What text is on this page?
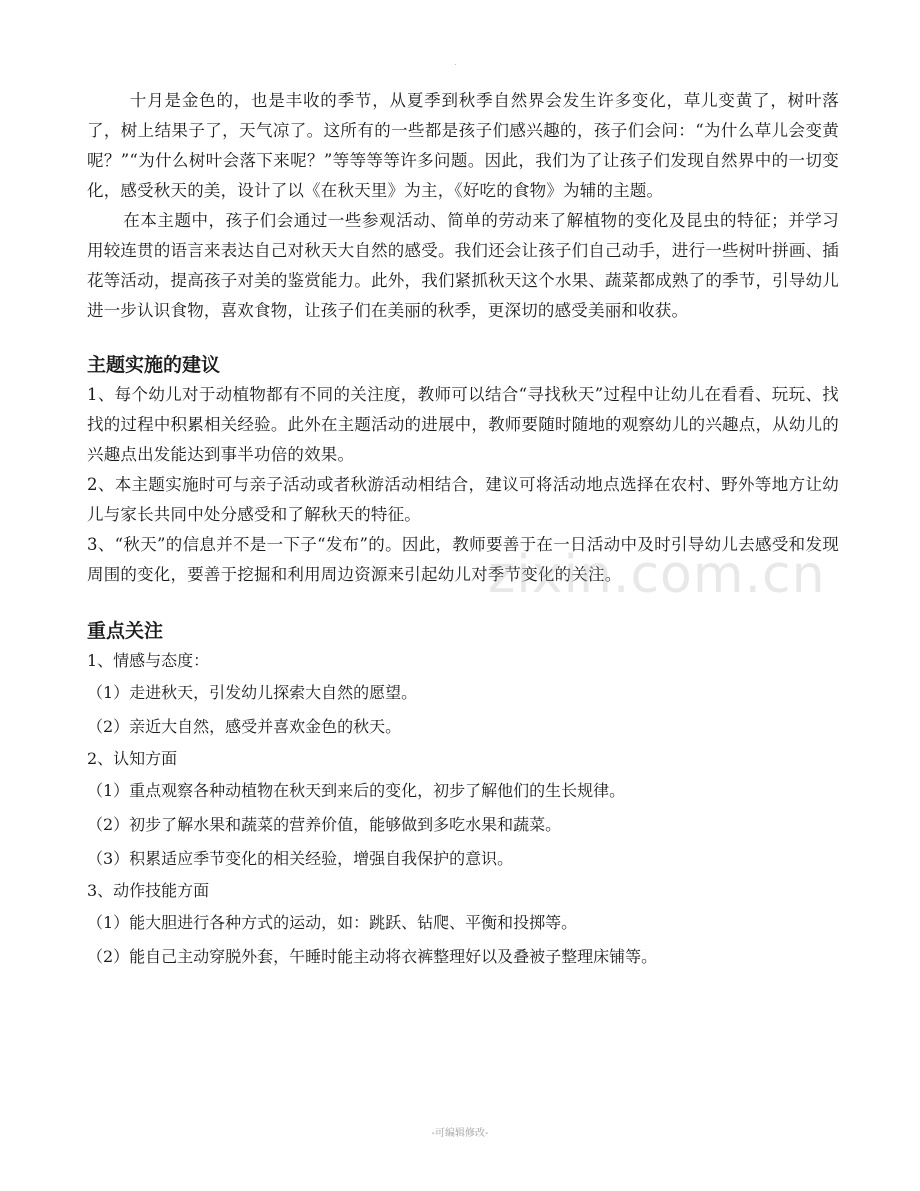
.

十月是金色的，也是丰收的季节，从夏季到秋季自然界会发生许多变化，草儿变黄了，树叶落了，树上结果子了，天气凉了。这所有的一些都是孩子们感兴趣的，孩子们会问：“为什么草儿会变黄呢？”“为什么树叶会落下来呢？”等等等等许多问题。因此，我们为了让孩子们发现自然界中的一切变化，感受秋天的美，设计了以《在秋天里》为主，《好吃的食物》为辅的主题。

在本主题中，孩子们会通过一些参观活动、简单的劳动来了解植物的变化及昆虫的特征；并学习用较连贯的语言来表达自己对秋天大自然的感受。我们还会让孩子们自己动手，进行一些树叶拼画、插花等活动，提高孩子对美的鉴赏能力。此外，我们紧抓秋天这个水果、蔬菜都成熟了的季节，引导幼儿进一步认识食物，喜欢食物，让孩子们在美丽的秋季，更深切的感受美丽和收获。

主题实施的建议

1、每个幼儿对于动植物都有不同的关注度，教师可以结合“寻找秋天”过程中让幼儿在看看、玩玩、找找的过程中积累相关经验。此外在主题活动的进展中，教师要随时随地的观察幼儿的兴趣点，从幼儿的兴趣点出发能达到事半功倍的效果。

2、本主题实施时可与亲子活动或者秋游活动相结合，建议可将活动地点选择在农村、野外等地方让幼儿与家长共同中处分感受和了解秋天的特征。

3、“秋天”的信息并不是一下子“发布”的。因此，教师要善于在一日活动中及时引导幼儿去感受和发现周围的变化，要善于挖掘和利用周边资源来引起幼儿对季节变化的关注。

重点关注

1、情感与态度：

（1）走进秋天，引发幼儿探索大自然的愿望。

（2）亲近大自然，感受并喜欢金色的秋天。

2、认知方面

（1）重点观察各种动植物在秋天到来后的变化，初步了解他们的生长规律。

（2）初步了解水果和蔬菜的营养价值，能够做到多吃水果和蔬菜。

（3）积累适应季节变化的相关经验，增强自我保护的意识。

3、动作技能方面

（1）能大胆进行各种方式的运动，如：跳跃、钻爬、平衡和投掷等。

（2）能自己主动穿脱外套，午睡时能主动将衣裤整理好以及叠被子整理床铺等。

zixin.com.cn
-可编辑修改-
